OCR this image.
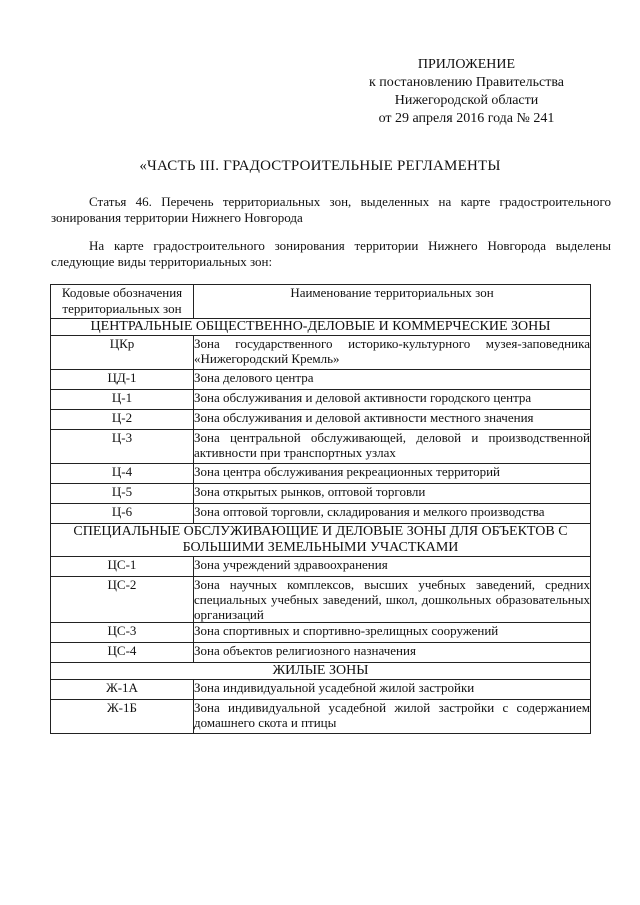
ПРИЛОЖЕНИЕ
к постановлению Правительства
Нижегородской области
от 29 апреля 2016 года № 241
«ЧАСТЬ III. ГРАДОСТРОИТЕЛЬНЫЕ РЕГЛАМЕНТЫ
Статья 46. Перечень территориальных зон, выделенных на карте градостроительного зонирования территории Нижнего Новгорода
На карте градостроительного зонирования территории Нижнего Новгорода выделены следующие виды территориальных зон:
Кодовые обозначения территориальных зон	Наименование территориальных зон
ЦЕНТРАЛЬНЫЕ ОБЩЕСТВЕННО-ДЕЛОВЫЕ И КОММЕРЧЕСКИЕ ЗОНЫ	
ЦКр	Зона государственного историко-культурного музея-заповедника «Нижегородский Кремль»
ЦД-1	Зона делового центра
Ц-1	Зона обслуживания и деловой активности городского центра
Ц-2	Зона обслуживания и деловой активности местного значения
Ц-3	Зона центральной обслуживающей, деловой и производственной активности при транспортных узлах
Ц-4	Зона центра обслуживания рекреационных территорий
Ц-5	Зона открытых рынков, оптовой торговли
Ц-6	Зона оптовой торговли, складирования и мелкого производства
СПЕЦИАЛЬНЫЕ ОБСЛУЖИВАЮЩИЕ И ДЕЛОВЫЕ ЗОНЫ ДЛЯ ОБЪЕКТОВ С БОЛЬШИМИ ЗЕМЕЛЬНЫМИ УЧАСТКАМИ	
ЦС-1	Зона учреждений здравоохранения
ЦС-2	Зона научных комплексов, высших учебных заведений, средних специальных учебных заведений, школ, дошкольных образовательных организаций
ЦС-3	Зона спортивных и спортивно-зрелищных сооружений
ЦС-4	Зона объектов религиозного назначения
ЖИЛЫЕ ЗОНЫ	
Ж-1А	Зона индивидуальной усадебной жилой застройки
Ж-1Б	Зона индивидуальной усадебной жилой застройки с содержанием домашнего скота и птицы
